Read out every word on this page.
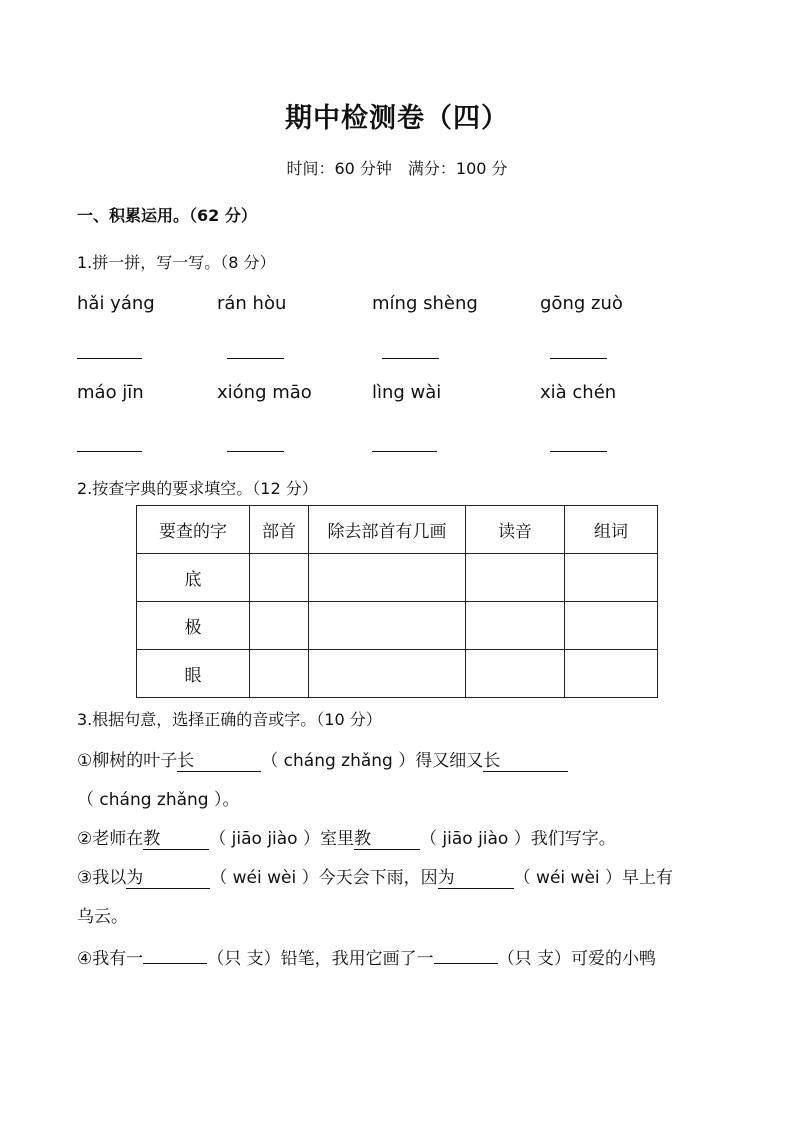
期中检测卷（四）
时间：60 分钟　满分：100 分
一、积累运用。（62 分）
1.拼一拼，写一写。（8 分）
hǎi yáng	rán hòu	míng shèng	gōng zuò
máo jīn	xióng māo	lìng wài	xià chén
2.按查字典的要求填空。（12 分）
要查的字	部首	除去部首有几画	读音	组词
底				
极				
眼				
3.根据句意，选择正确的音或字。（10 分）
①柳树的叶子长	（ cháng zhǎng ）得又细又长
（ cháng zhǎng ）。
②老师在教	（ jiāo jiào ）室里教	（ jiāo jiào ）我们写字。
③我以为	（ wéi wèi ）今天会下雨，因为	（ wéi wèi ）早上有
乌云。
④我有一	（只 支）铅笔，我用它画了一	（只 支）可爱的小鸭
